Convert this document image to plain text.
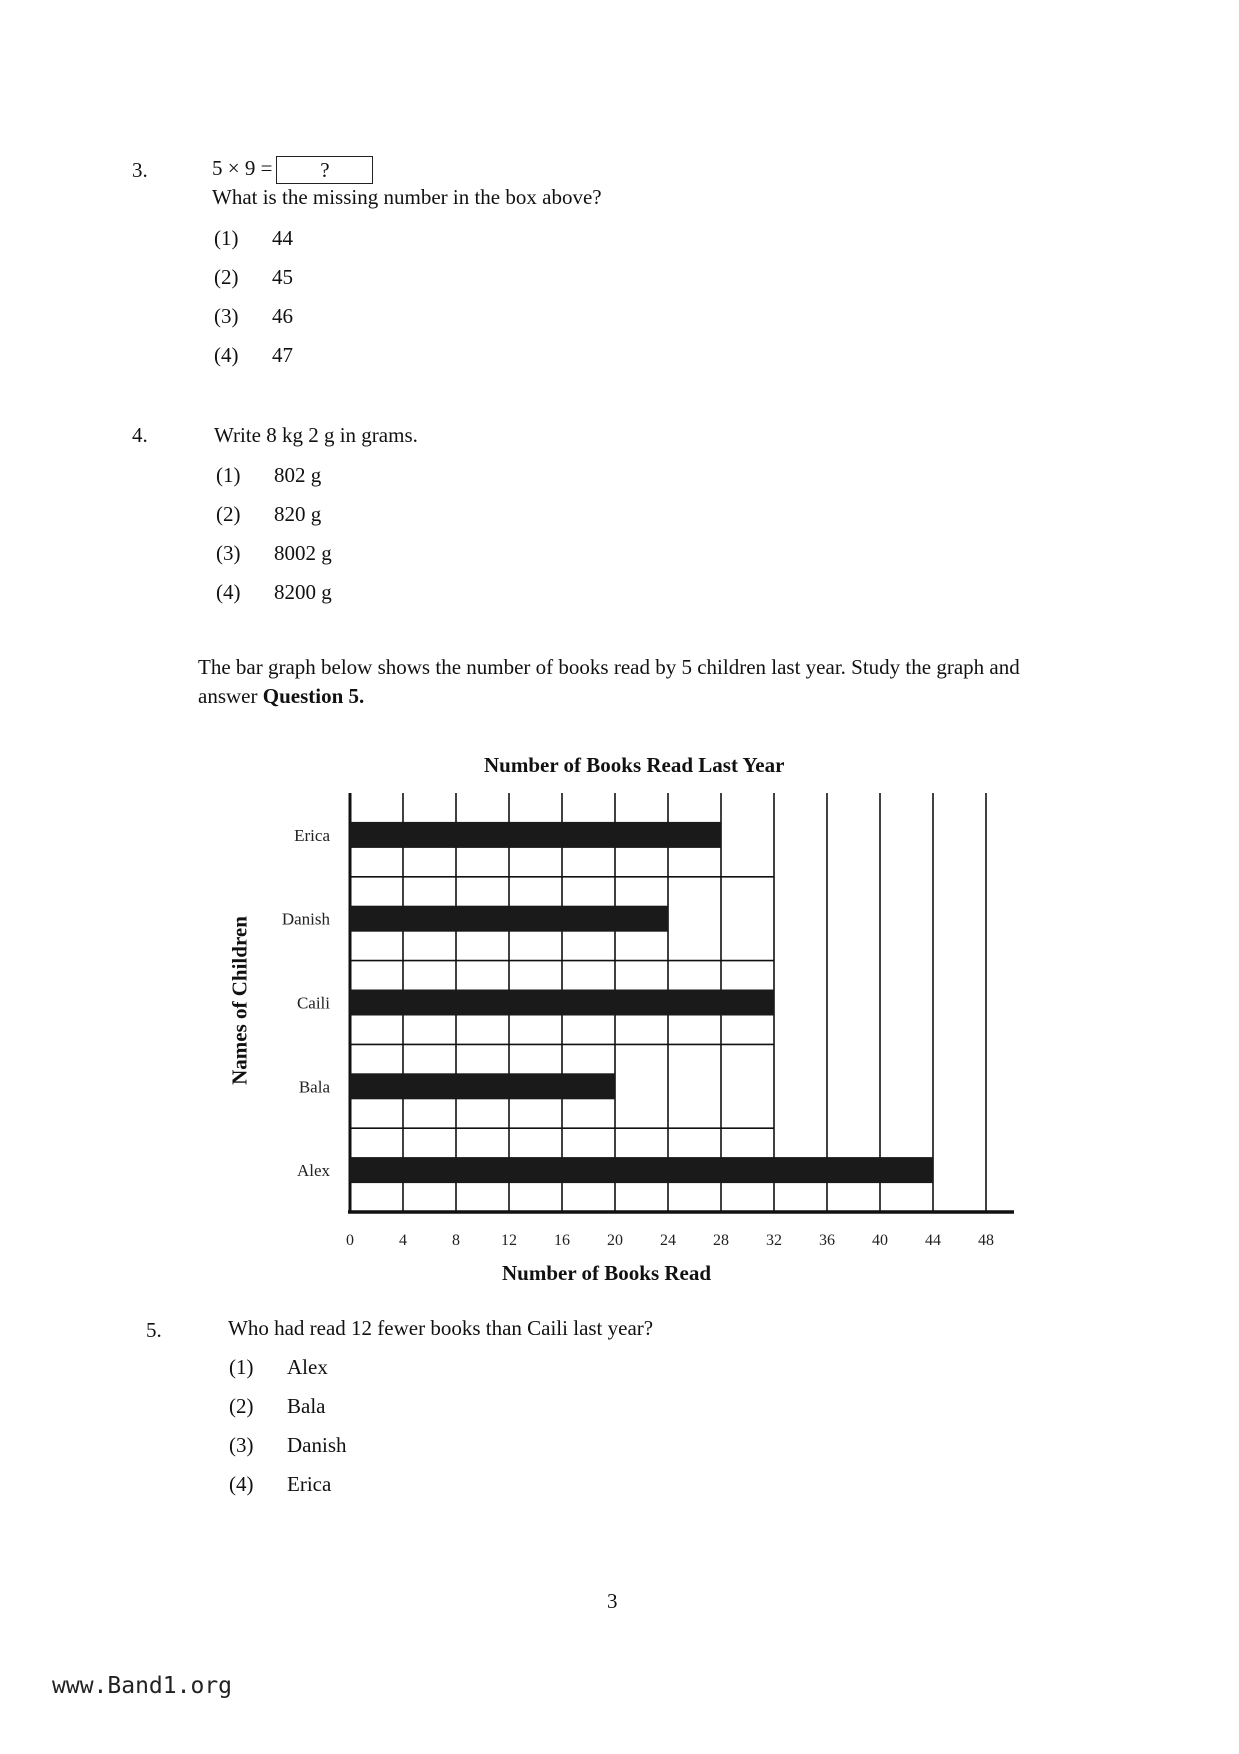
3.	5 × 9 = ?
What is the missing number in the box above?
(1) 44
(2) 45
(3) 46
(4) 47
4.	Write 8 kg 2 g in grams.
(1) 802 g
(2) 820 g
(3) 8002 g
(4) 8200 g
The bar graph below shows the number of books read by 5 children last year. Study the graph and answer Question 5.
Number of Books Read Last Year
Names of Children
Number of Books Read
Erica
Danish
Caili
Bala
Alex
0	4	8	12 16 20 24 28 32 36 40 44 48
5.	Who had read 12 fewer books than Caili last year?
(1) Alex
(2) Bala
(3) Danish
(4) Erica
3
www.Band1.org
